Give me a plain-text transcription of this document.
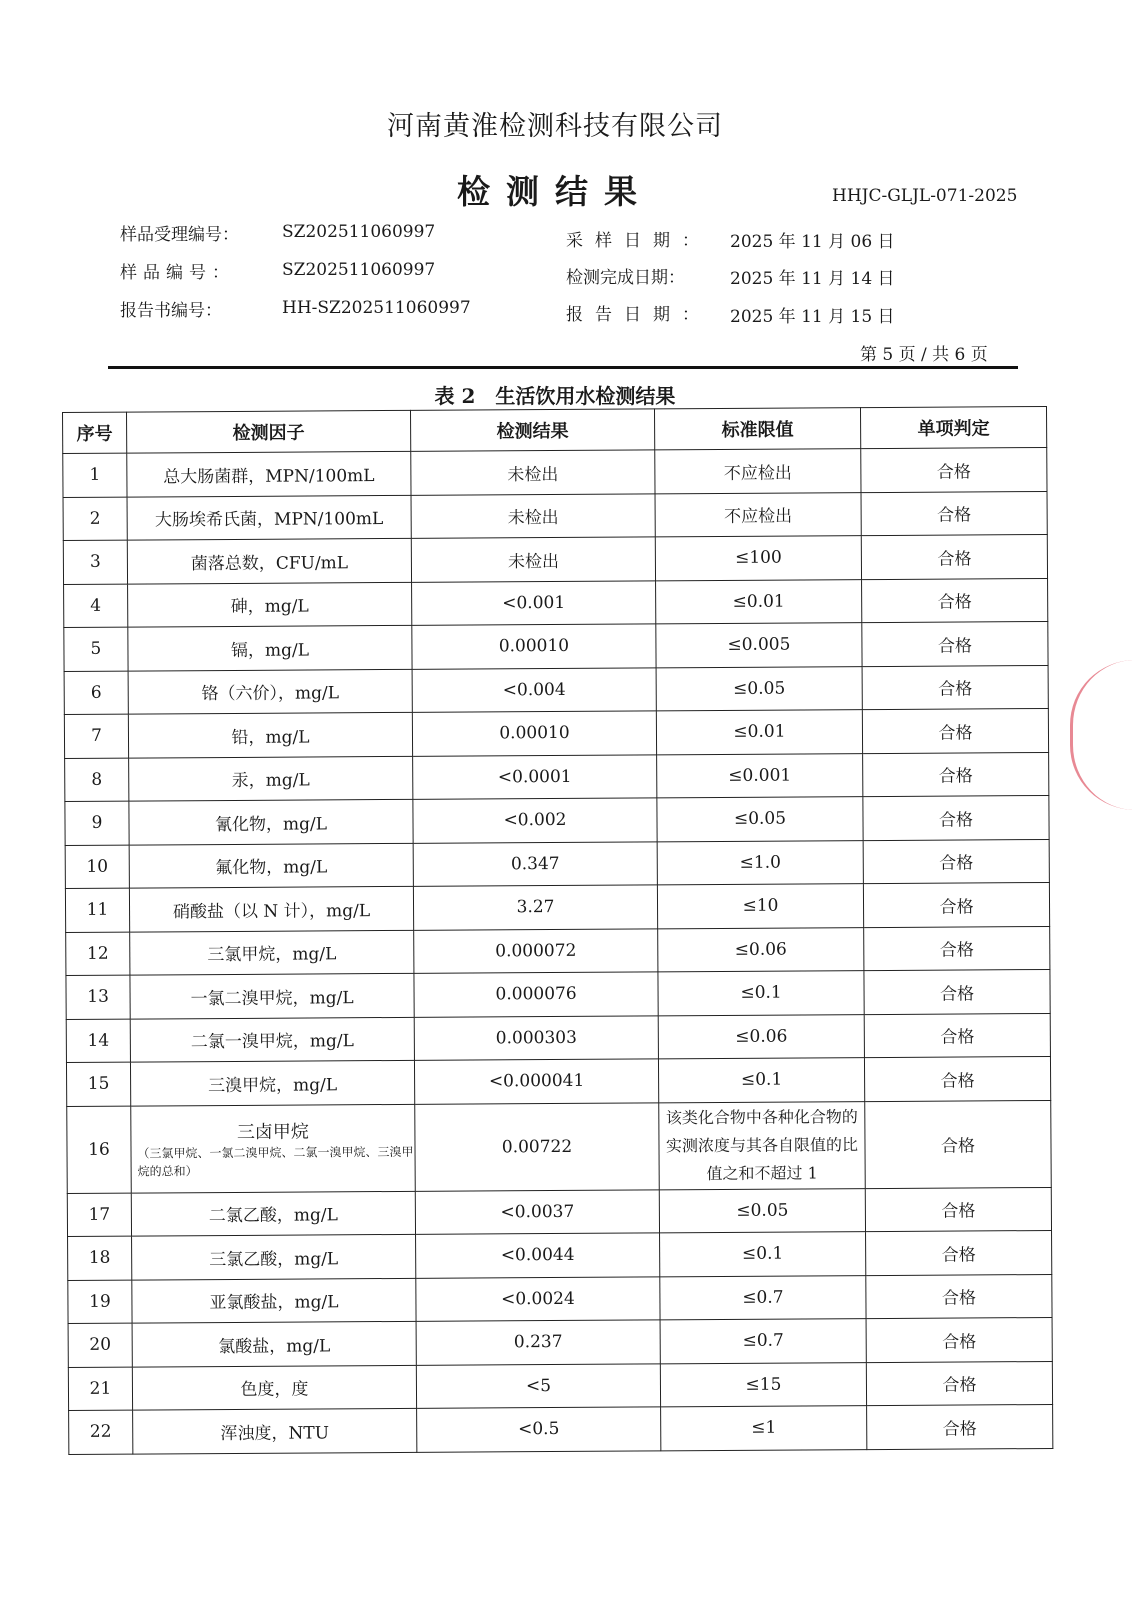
河南黄淮检测科技有限公司
检测结果	HHJC-GLJL-071-2025
样品受理编号：	SZ202511060997
样品编号：	SZ202511060997
报告书编号：	HH-SZ202511060997
采样日期： 2025 年 11 月 06 日
检测完成日期：	2025 年 11 月 14 日
报告日期： 2025 年 11 月 15 日
第 5 页 / 共 6 页
表 2　生活饮用水检测结果
序号	检测因子	检测结果	标准限值	单项判定
1	总大肠菌群，MPN/100mL	未检出	不应检出	合格
2	大肠埃希氏菌，MPN/100mL	未检出	不应检出	合格
3	菌落总数，CFU/mL	未检出	≤100	合格
4	砷，mg/L	<0.001	≤0.01	合格
5	镉，mg/L	0.00010	≤0.005	合格
6	铬（六价），mg/L	<0.004	≤0.05	合格
7	铅，mg/L	0.00010	≤0.01	合格
8	汞，mg/L	<0.0001	≤0.001	合格
9	氰化物，mg/L	<0.002	≤0.05	合格
10	氟化物，mg/L	0.347	≤1.0	合格
11	硝酸盐（以 N 计），mg/L	3.27	≤10	合格
12	三氯甲烷，mg/L	0.000072	≤0.06	合格
13	一氯二溴甲烷，mg/L	0.000076	≤0.1	合格
14	二氯一溴甲烷，mg/L	0.000303	≤0.06	合格
15	三溴甲烷，mg/L	<0.000041	≤0.1	合格
16	三卤甲烷
（三氯甲烷、一氯二溴甲烷、二氯一溴甲烷、三溴甲烷的总和）	0.00722	该类化合物中各种化合物的实测浓度与其各自限值的比值之和不超过 1	合格
17	二氯乙酸，mg/L	<0.0037	≤0.05	合格
18	三氯乙酸，mg/L	<0.0044	≤0.1	合格
19	亚氯酸盐，mg/L	<0.0024	≤0.7	合格
20	氯酸盐，mg/L	0.237	≤0.7	合格
21	色度，度	<5	≤15	合格
22	浑浊度，NTU	<0.5	≤1	合格
